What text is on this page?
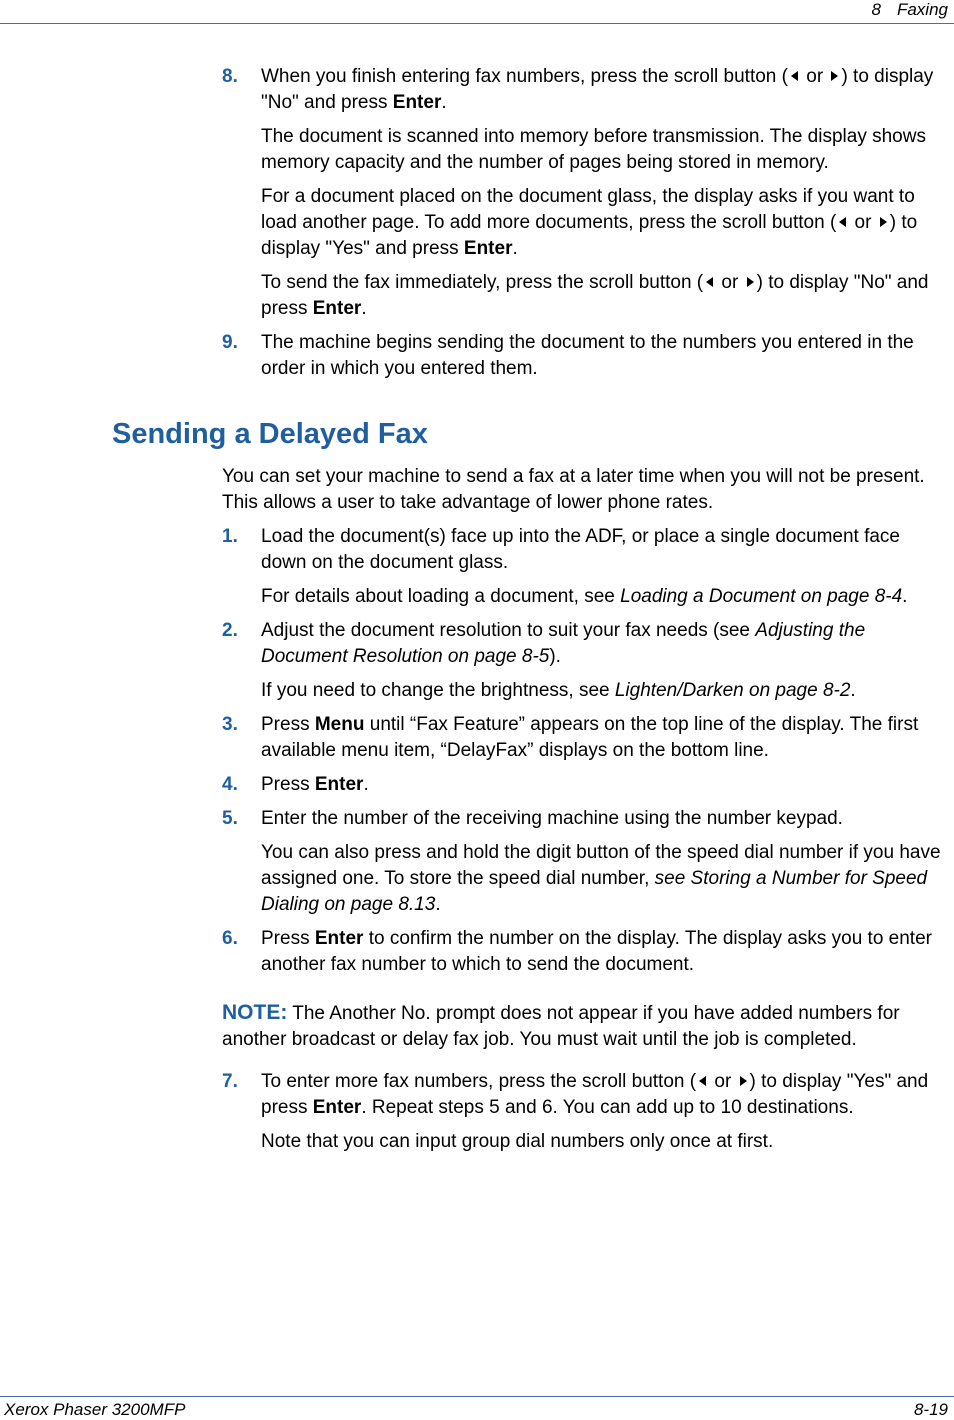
8 Faxing
8. When you finish entering fax numbers, press the scroll button ( or ) to display "No" and press Enter.

The document is scanned into memory before transmission. The display shows memory capacity and the number of pages being stored in memory.

For a document placed on the document glass, the display asks if you want to load another page. To add more documents, press the scroll button ( or ) to display "Yes" and press Enter.

To send the fax immediately, press the scroll button ( or ) to display "No" and press Enter.

9. The machine begins sending the document to the numbers you entered in the order in which you entered them.

Sending a Delayed Fax

You can set your machine to send a fax at a later time when you will not be present. This allows a user to take advantage of lower phone rates.

1. Load the document(s) face up into the ADF, or place a single document face down on the document glass.

For details about loading a document, see Loading a Document on page 8-4.

2. Adjust the document resolution to suit your fax needs (see Adjusting the Document Resolution on page 8-5).

If you need to change the brightness, see Lighten/Darken on page 8-2.

3. Press Menu until “Fax Feature” appears on the top line of the display. The first available menu item, “DelayFax” displays on the bottom line.

4. Press Enter.

5. Enter the number of the receiving machine using the number keypad.

You can also press and hold the digit button of the speed dial number if you have assigned one. To store the speed dial number, see Storing a Number for Speed Dialing on page 8.13.

6. Press Enter to confirm the number on the display. The display asks you to enter another fax number to which to send the document.

NOTE: The Another No. prompt does not appear if you have added numbers for another broadcast or delay fax job. You must wait until the job is completed.

7. To enter more fax numbers, press the scroll button ( or ) to display "Yes" and press Enter. Repeat steps 5 and 6. You can add up to 10 destinations.

Note that you can input group dial numbers only once at first.

Xerox Phaser 3200MFP	8-19
